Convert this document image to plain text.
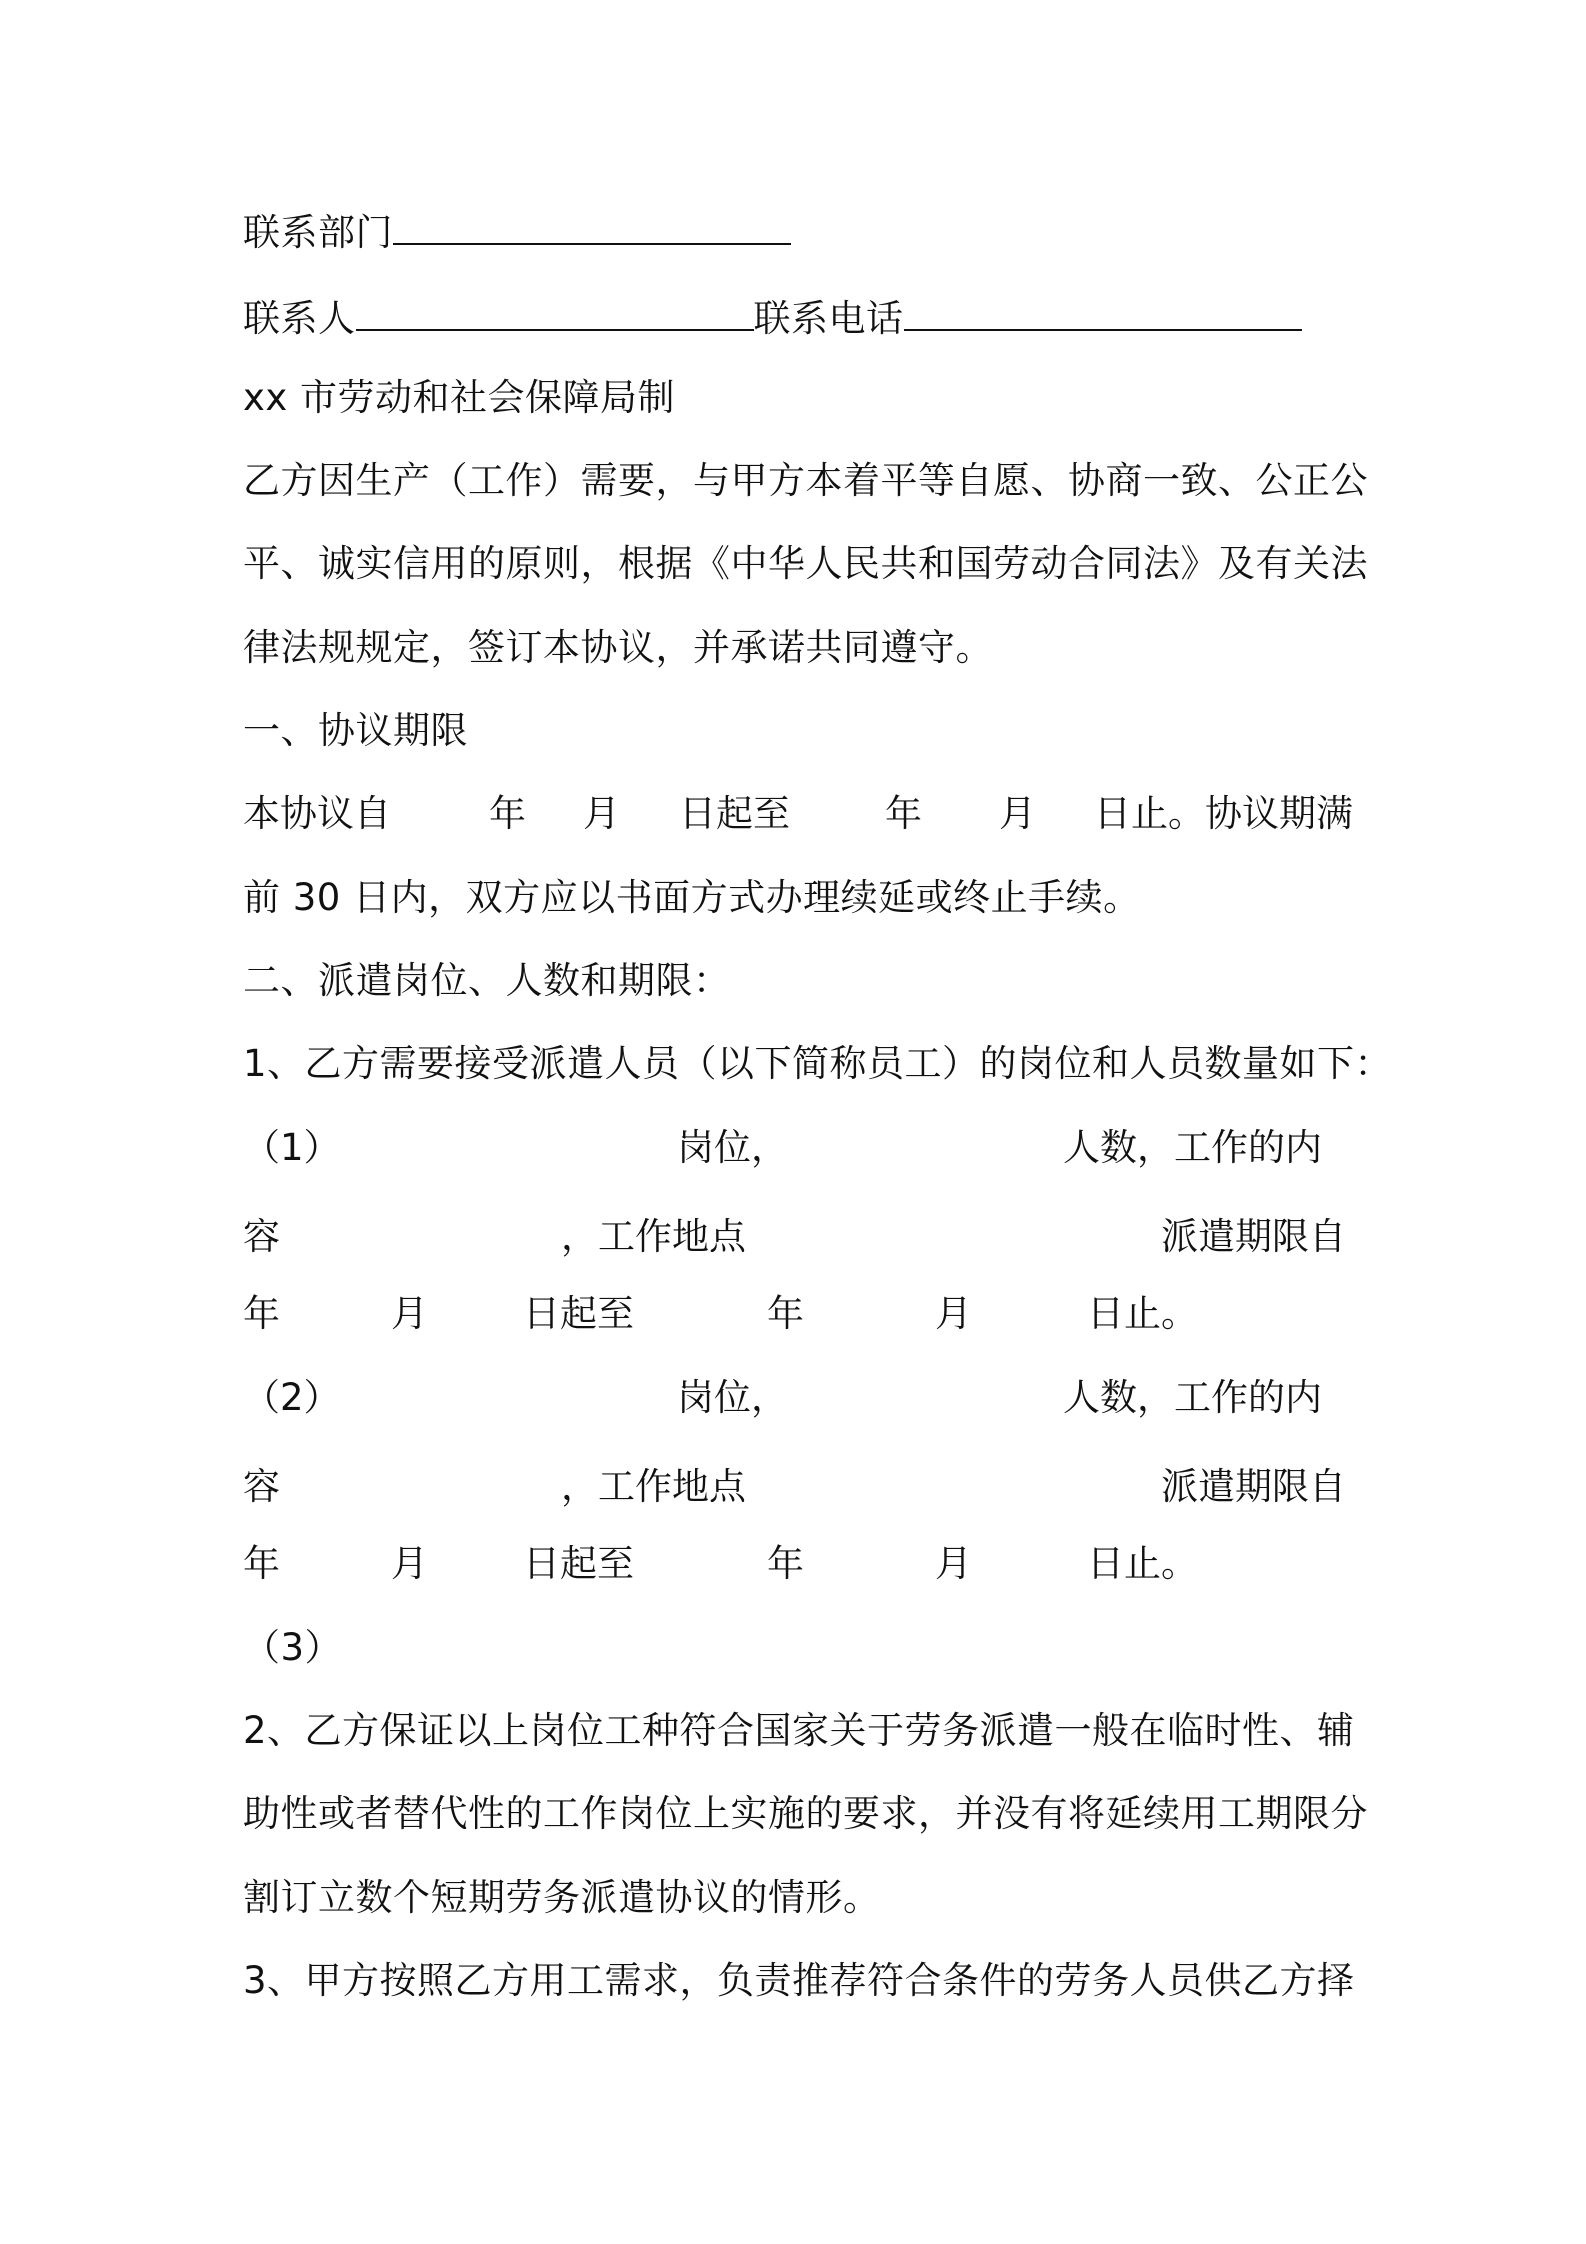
联系部门
联系人	联系电话
xx 市劳动和社会保障局制
乙方因生产（工作）需要，与甲方本着平等自愿、协商一致、公正公
平、诚实信用的原则，根据《中华人民共和国劳动合同法》及有关法
律法规规定，签订本协议，并承诺共同遵守。
一、协议期限
本协议自	年 月 日起至	年 月 日止。协议期满
前 30 日内，双方应以书面方式办理续延或终止手续。
二、派遣岗位、人数和期限：
1、乙方需要接受派遣人员（以下简称员工）的岗位和人员数量如下：
（1）	岗位，	人数，工作的内
容	，工作地点	派遣期限自
年	月	日起至	年	月	日止。
（2）	岗位，	人数，工作的内
容	，工作地点	派遣期限自
年	月	日起至	年	月	日止。
（3）
2、乙方保证以上岗位工种符合国家关于劳务派遣一般在临时性、辅
助性或者替代性的工作岗位上实施的要求，并没有将延续用工期限分
割订立数个短期劳务派遣协议的情形。
3、甲方按照乙方用工需求，负责推荐符合条件的劳务人员供乙方择
